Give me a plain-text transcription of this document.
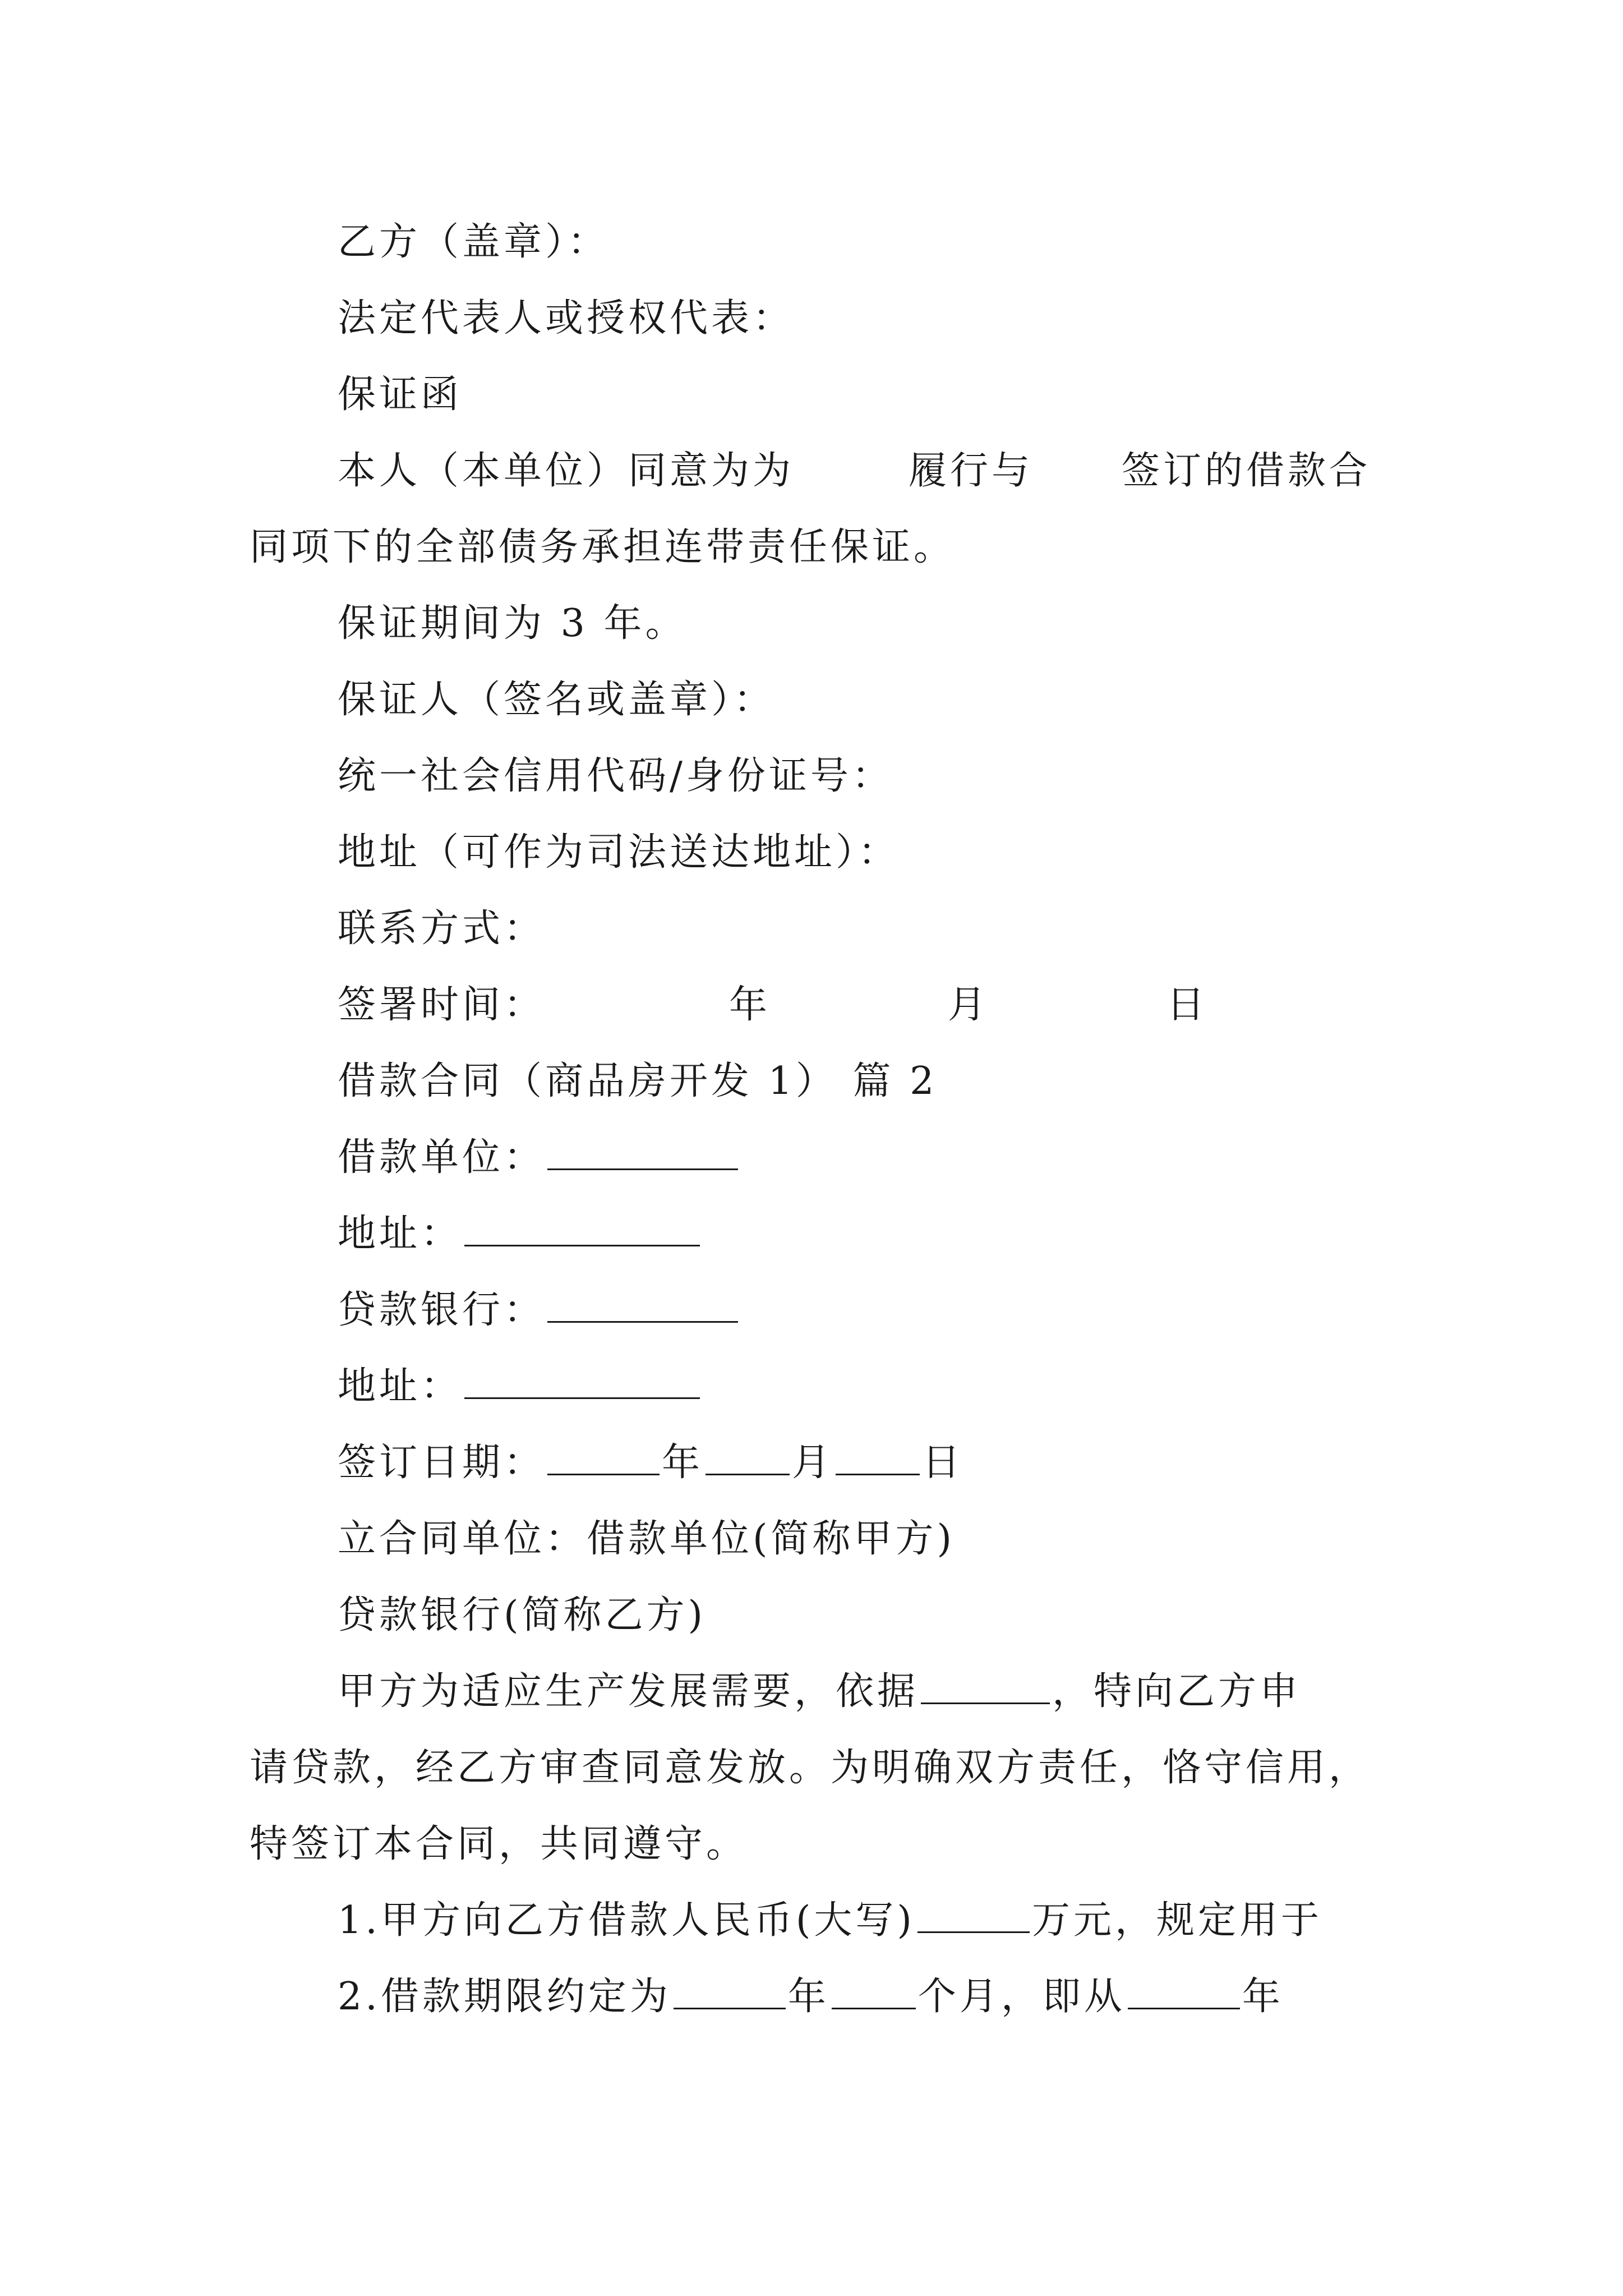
乙方（盖章）：
法定代表人或授权代表：
保证函

本人（本单位）同意为为

	履行与

签订的借款合

同项下的全部债务承担连带责任保证。
保证期间为 3 年。
保证人（签名或盖章）：
统一社会信用代码/身份证号：
地址（可作为司法送达地址）：
联系方式：

签署时间：

	年

	月

	日

借款合同（商品房开发 1） 篇 2
借款单位：
地址：
贷款银行：
地址：
签订日期：	年 月 日
立合同单位：借款单位(简称甲方)
贷款银行(简称乙方)
甲方为适应生产发展需要，依据	，特向乙方申
请贷款，经乙方审查同意发放。为明确双方责任，恪守信用，
特签订本合同，共同遵守。
1.甲方向乙方借款人民币(大写)	万元，规定用于
2.借款期限约定为	年 个月，即从	年
